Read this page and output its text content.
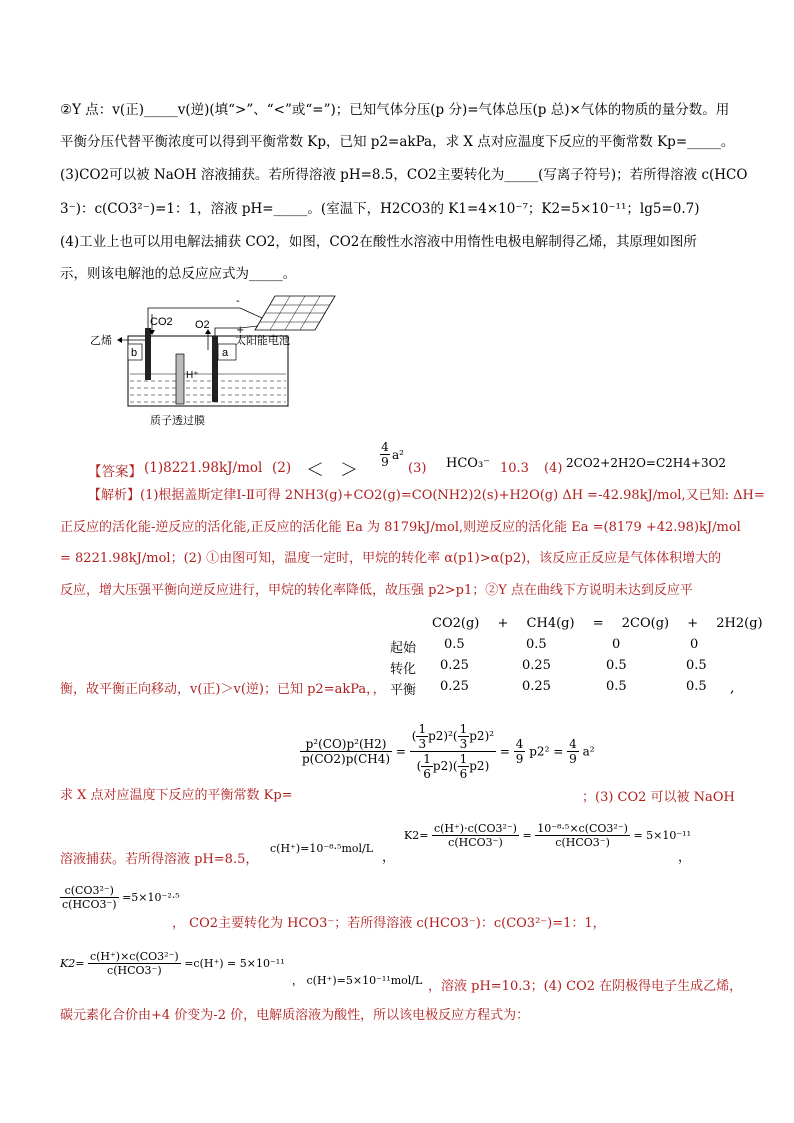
②Y 点：v(正)_____v(逆)(填“>”、“<”或“=”)；已知气体分压(p 分)=气体总压(p 总)×气体的物质的量分数。用
平衡分压代替平衡浓度可以得到平衡常数 Kp，已知 p2=akPa，求 X 点对应温度下反应的平衡常数 Kp=_____。
(3)CO2可以被 NaOH 溶液捕获。若所得溶液 pH=8.5，CO2主要转化为_____(写离子符号)；若所得溶液 c(HCO
3⁻)：c(CO3²⁻)=1：1，溶液 pH=_____。(室温下，H2CO3的 K1=4×10⁻⁷；K2=5×10⁻¹¹；lg5=0.7)
(4)工业上也可以用电解法捕获 CO2，如图，CO2在酸性水溶液中用惰性电极电解制得乙烯，其原理如图所
示，则该电解池的总反应应式为_____。
CO2 O2
乙烯
b	a
H⁺
质子透过膜
太阳能电池
-
+
【答案】 (1)8221.98kJ/mol (2) ＜ ＞
$\frac{4}{9} a^2$
(3) HCO₃⁻ 10.3 (4) 2CO2+2H2O=C2H4+3O2
【解析】(1)根据盖斯定律Ⅰ-Ⅱ可得 2NH3(g)+CO2(g)=CO(NH2)2(s)+H2O(g) ΔH =-42.98kJ/mol,又已知: ΔH=
正反应的活化能-逆反应的活化能,正反应的活化能 Ea 为 8179kJ/mol,则逆反应的活化能 Ea =(8179 +42.98)kJ/mol
= 8221.98kJ/mol；(2) ①由图可知，温度一定时，甲烷的转化率 α(p1)>α(p2)，该反应正反应是气体体积增大的
反应，增大压强平衡向逆反应进行，甲烷的转化率降低，故压强 p2>p1；②Y 点在曲线下方说明未达到反应平
CO2(g) + CH4(g) = 2CO(g) + 2H2(g)
起始 0.5	0.5	0	0
转化 0.25	0.25	0.5	0.5
平衡 0.25	0.25	0.5	0.5 ,
衡，故平衡正向移动，v(正)＞v(逆)；已知 p2=akPa，，
$\frac{\text{p²(CO)p²(H2)}}{p(CO2)p(CH4)} = \frac{( \frac{1}{3} p2)^2( \frac{1}{3} p2)^2}{( \frac{1}{6} p2)( \frac{1}{6} p2)} = \frac{4}{9} p2^2 = \frac{4}{9} a^2$
求 X 点对应温度下反应的平衡常数 Kp=	；(3) CO2 可以被 NaOH
溶液捕获。若所得溶液 pH=8.5，
c(H⁺)=10⁻⁸·⁵mol/L
，
$K2= \frac{\text{c(H⁺)·c(CO3²⁻)}}{\text{c(HCO3⁻)}} = \frac{\text{10⁻⁸·⁵×c(CO3²⁻)}}{\text{c(HCO3⁻)}} = 5\times 10^{-11}$
，
$\frac{\text{c(CO3²⁻)}}{\text{c(HCO3⁻)}} =5\times 10^{-2}\cdot^5$
， CO2主要转化为 HCO3⁻；若所得溶液 c(HCO3⁻)：c(CO3²⁻)=1：1，
$K2= \frac{\text{c(H⁺)×c(CO3²⁻)}}{\text{c(HCO3⁻)}} =c(H^+) = 5\times 10^{-11}$
， c(H⁺)=5×10⁻¹¹mol/L ，溶液 pH=10.3；(4) CO2 在阴极得电子生成乙烯，
碳元素化合价由+4 价变为-2 价，电解质溶液为酸性，所以该电极反应方程式为：
